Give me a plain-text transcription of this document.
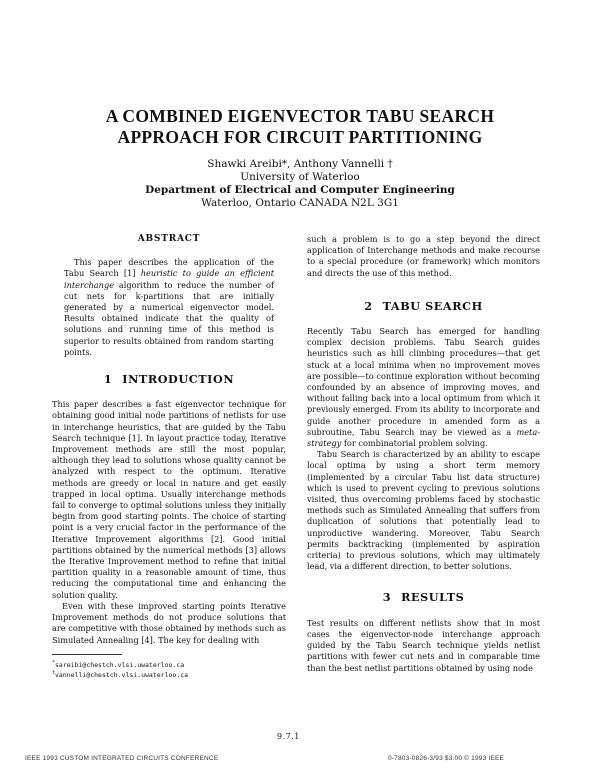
A COMBINED EIGENVECTOR TABU SEARCH
APPROACH FOR CIRCUIT PARTITIONING
Shawki Areibi*, Anthony Vannelli †
University of Waterloo
Department of Electrical and Computer Engineering
Waterloo, Ontario CANADA N2L 3G1
ABSTRACT

This paper describes the application of the Tabu Search [1] heuristic to guide an efficient interchange algorithm to reduce the number of cut nets for k-partitions that are initially generated by a numerical eigenvector model. Results obtained indicate that the quality of solutions and running time of this method is superior to results obtained from random starting points.

1 INTRODUCTION

This paper describes a fast eigenvector technique for obtaining good initial node partitions of netlists for use in interchange heuristics, that are guided by the Tabu Search technique [1]. In layout practice today, Iterative Improvement methods are still the most popular, although they lead to solutions whose quality cannot be analyzed with respect to the optimum. Iterative methods are greedy or local in nature and get easily trapped in local optima. Usually interchange methods fail to converge to optimal solutions unless they initially begin from good starting points. The choice of starting point is a very crucial factor in the performance of the Iterative Improvement algorithms [2]. Good initial partitions obtained by the numerical methods [3] allows the Iterative Improvement method to refine that initial partition quality in a reasonable amount of time, thus reducing the computational time and enhancing the solution quality.

Even with these improved starting points Iterative Improvement methods do not produce solutions that are competitive with those obtained by methods such as Simulated Annealing [4]. The key for dealing with

*sareibi@chestch.vlsi.uwaterloo.ca
†vannelli@chestch.vlsi.uwaterloo.ca

such a problem is to go a step beyond the direct application of Interchange methods and make recourse to a special procedure (or framework) which monitors and directs the use of this method.

2 TABU SEARCH

Recently Tabu Search has emerged for handling complex decision problems. Tabu Search guides heuristics such as hill climbing procedures—that get stuck at a local minima when no improvement moves are possible—to continue exploration without becoming confounded by an absence of improving moves, and without falling back into a local optimum from which it previously emerged. From its ability to incorporate and guide another procedure in amended form as a subroutine, Tabu Search may be viewed as a meta-strategy for combinatorial problem solving.

Tabu Search is characterized by an ability to escape local optima by using a short term memory (implemented by a circular Tabu list data structure) which is used to prevent cycling to previous solutions visited, thus overcoming problems faced by stochastic methods such as Simulated Annealing that suffers from duplication of solutions that potentially lead to unproductive wandering. Moreover, Tabu Search permits backtracking (implemented by aspiration criteria) to previous solutions, which may ultimately lead, via a different direction, to better solutions.

3 RESULTS

Test results on different netlists show that in most cases the eigenvector-node interchange approach guided by the Tabu Search technique yields netlist partitions with fewer cut nets and in comparable time than the best netlist partitions obtained by using node

9.7.1
IEEE 1993 CUSTOM INTEGRATED CIRCUITS CONFERENCE	0-7803-0826-3/93 $3.00 © 1993 IEEE
